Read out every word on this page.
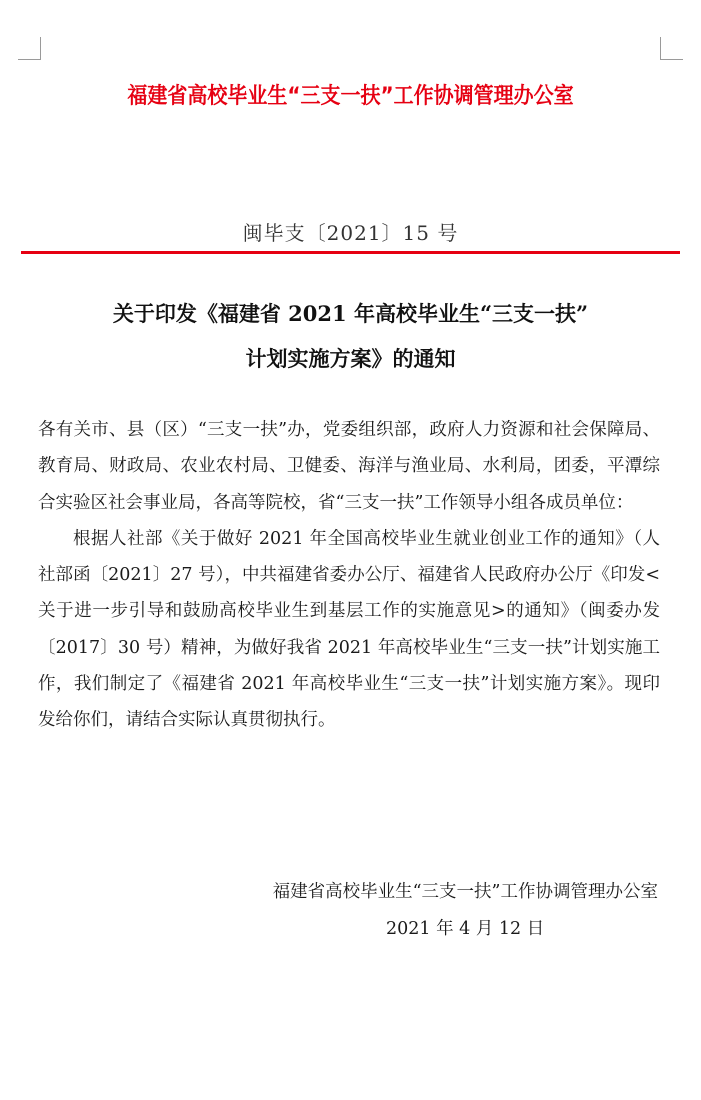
福建省高校毕业生“三支一扶”工作协调管理办公室
闽毕支〔2021〕15 号
关于印发《福建省 2021 年高校毕业生“三支一扶”
计划实施方案》的通知

各有关市、县（区）“三支一扶”办，党委组织部，政府人力资源和社会保障局、教育局、财政局、农业农村局、卫健委、海洋与渔业局、水利局，团委，平潭综合实验区社会事业局，各高等院校，省“三支一扶”工作领导小组各成员单位：

根据人社部《关于做好 2021 年全国高校毕业生就业创业工作的通知》（人社部函〔2021〕27 号），中共福建省委办公厅、福建省人民政府办公厅《印发<关于进一步引导和鼓励高校毕业生到基层工作的实施意见>的通知》（闽委办发〔2017〕30 号）精神，为做好我省 2021 年高校毕业生“三支一扶”计划实施工作，我们制定了《福建省 2021 年高校毕业生“三支一扶”计划实施方案》。现印发给你们，请结合实际认真贯彻执行。

福建省高校毕业生“三支一扶”工作协调管理办公室
2021 年 4 月 12 日
